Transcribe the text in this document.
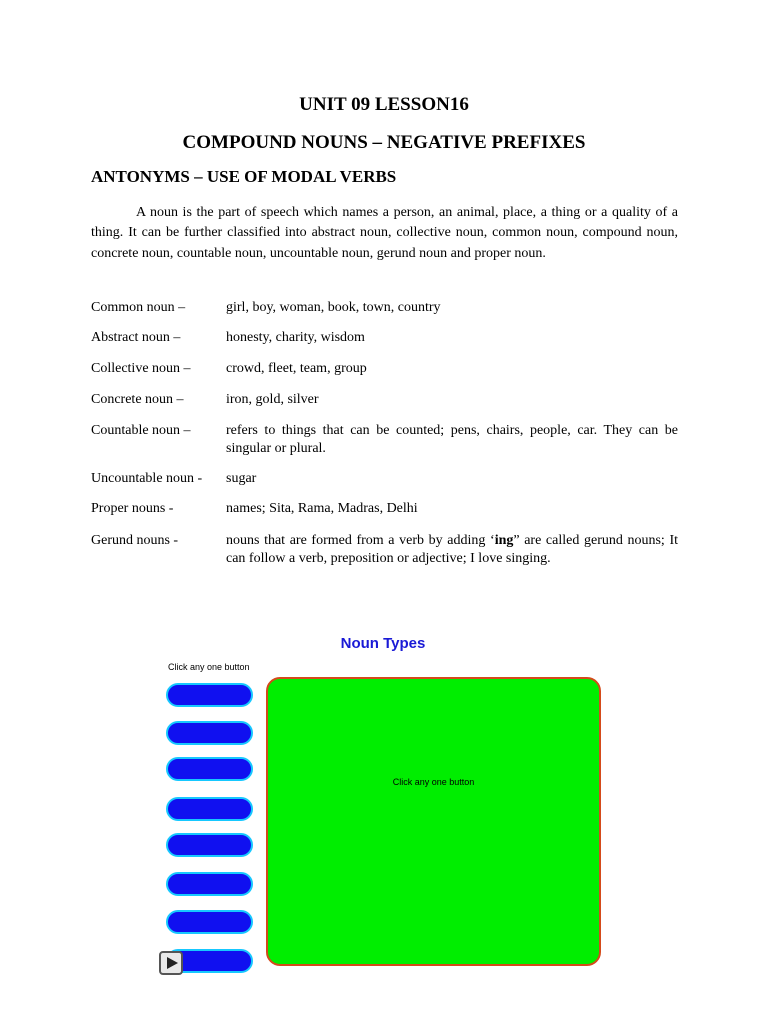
UNIT 09 LESSON16
COMPOUND NOUNS – NEGATIVE PREFIXES
ANTONYMS – USE OF MODAL VERBS

A noun is the part of speech which names a person, an animal, place, a thing or a quality of a thing. It can be further classified into abstract noun, collective noun, common noun, compound noun, concrete noun, countable noun, uncountable noun, gerund noun and proper noun.

Common noun –	girl, boy, woman, book, town, country
Abstract noun –	honesty, charity, wisdom
Collective noun –	crowd, fleet, team, group
Concrete noun –	iron, gold, silver
Countable noun –	refers to things that can be counted; pens, chairs, people, car. They can be singular or plural.
Uncountable noun -	sugar
Proper nouns -	names; Sita, Rama, Madras, Delhi
Gerund nouns -	nouns that are formed from a verb by adding ‘ing” are called gerund nouns; It can follow a verb, preposition or adjective; I love singing.
Noun Types
Click any one button
Click any one button
